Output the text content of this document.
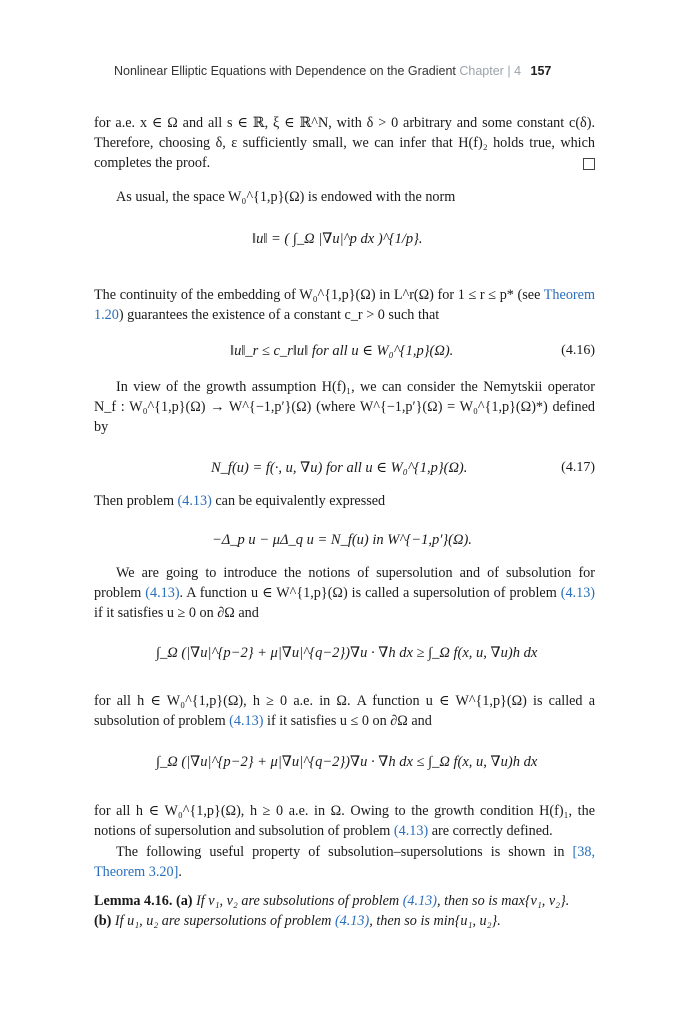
Nonlinear Elliptic Equations with Dependence on the Gradient Chapter | 4 157

for a.e. x ∈ Ω and all s ∈ ℝ, ξ ∈ ℝ^N, with δ > 0 arbitrary and some constant c(δ). Therefore, choosing δ, ε sufficiently small, we can infer that H(f)₂ holds true, which completes the proof.

As usual, the space W₀^{1,p}(Ω) is endowed with the norm

‖u‖ = ( ∫_Ω |∇u|^p dx )^{1/p}.

The continuity of the embedding of W₀^{1,p}(Ω) in L^r(Ω) for 1 ≤ r ≤ p* (see Theorem 1.20) guarantees the existence of a constant c_r > 0 such that

‖u‖_r ≤ c_r‖u‖ for all u ∈ W₀^{1,p}(Ω).	(4.16)

In view of the growth assumption H(f)₁, we can consider the Nemytskii operator N_f : W₀^{1,p}(Ω) → W^{−1,p′}(Ω) (where W^{−1,p′}(Ω) = W₀^{1,p}(Ω)*) defined by

N_f(u) = f(·, u, ∇u) for all u ∈ W₀^{1,p}(Ω).	(4.17)

Then problem (4.13) can be equivalently expressed

−Δ_p u − μΔ_q u = N_f(u) in W^{−1,p′}(Ω).

We are going to introduce the notions of supersolution and of subsolution for problem (4.13). A function u ∈ W^{1,p}(Ω) is called a supersolution of problem (4.13) if it satisfies u ≥ 0 on ∂Ω and

∫_Ω (|∇u|^{p−2} + μ|∇u|^{q−2})∇u · ∇h dx ≥ ∫_Ω f(x, u, ∇u)h dx

for all h ∈ W₀^{1,p}(Ω), h ≥ 0 a.e. in Ω. A function u ∈ W^{1,p}(Ω) is called a subsolution of problem (4.13) if it satisfies u ≤ 0 on ∂Ω and

∫_Ω (|∇u|^{p−2} + μ|∇u|^{q−2})∇u · ∇h dx ≤ ∫_Ω f(x, u, ∇u)h dx

for all h ∈ W₀^{1,p}(Ω), h ≥ 0 a.e. in Ω. Owing to the growth condition H(f)₁, the notions of supersolution and subsolution of problem (4.13) are correctly defined.

The following useful property of subsolution–supersolutions is shown in [38, Theorem 3.20].

Lemma 4.16. (a) If v₁, v₂ are subsolutions of problem (4.13), then so is max{v₁, v₂}.
(b) If u₁, u₂ are supersolutions of problem (4.13), then so is min{u₁, u₂}.
